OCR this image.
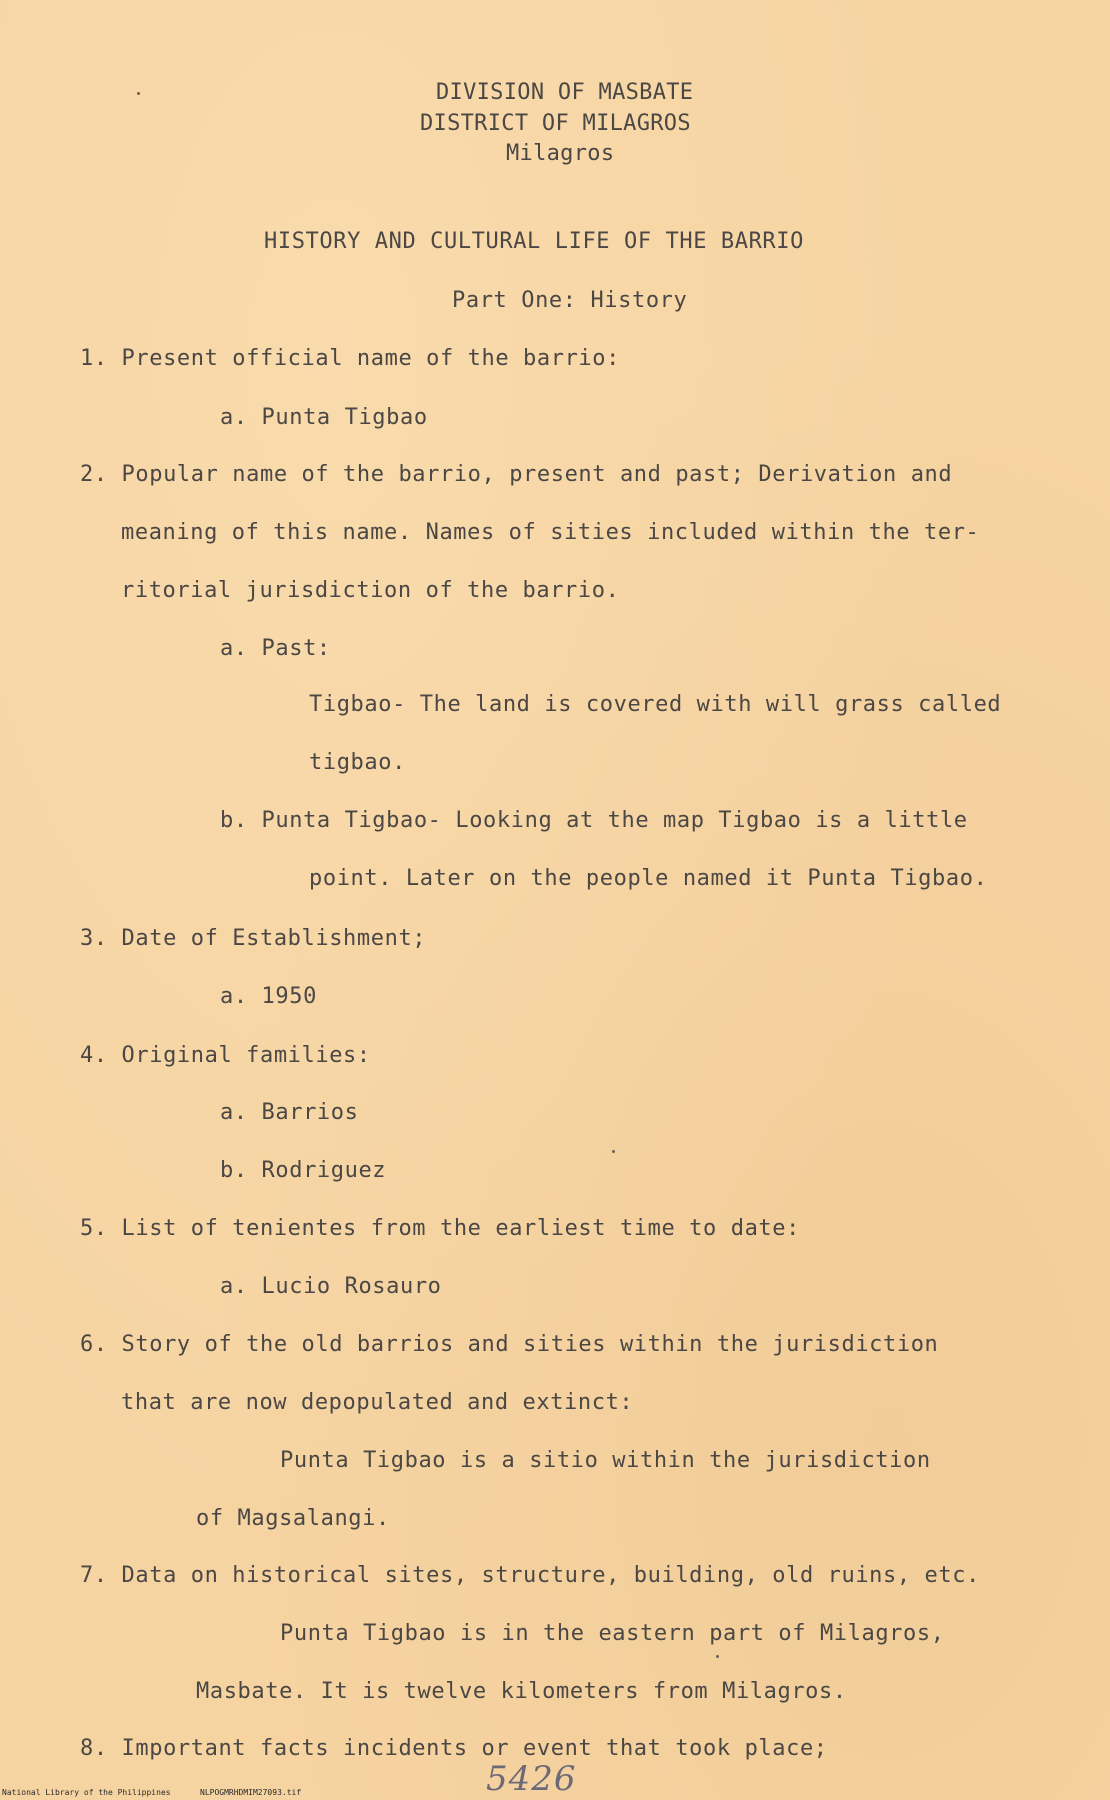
DIVISION OF MASBATE
DISTRICT OF MILAGROS
Milagros
HISTORY AND CULTURAL LIFE OF THE BARRIO
Part One: History
1. Present official name of the barrio:
a. Punta Tigbao
2. Popular name of the barrio, present and past; Derivation and
meaning of this name. Names of sities included within the ter-
ritorial jurisdiction of the barrio.
a. Past:
Tigbao- The land is covered with will grass called
tigbao.
b. Punta Tigbao- Looking at the map Tigbao is a little
point. Later on the people named it Punta Tigbao.
3. Date of Establishment;
a. 1950
4. Original families:
a. Barrios
b. Rodriguez
5. List of tenientes from the earliest time to date:
a. Lucio Rosauro
6. Story of the old barrios and sities within the jurisdiction
that are now depopulated and extinct:
Punta Tigbao is a sitio within the jurisdiction
of Magsalangi.
7. Data on historical sites, structure, building, old ruins, etc.
Punta Tigbao is in the eastern part of Milagros,
Masbate. It is twelve kilometers from Milagros.
8. Important facts incidents or event that took place;
5426
National Library of the Philippines	NLPOGMRHDMIM27093.tif
